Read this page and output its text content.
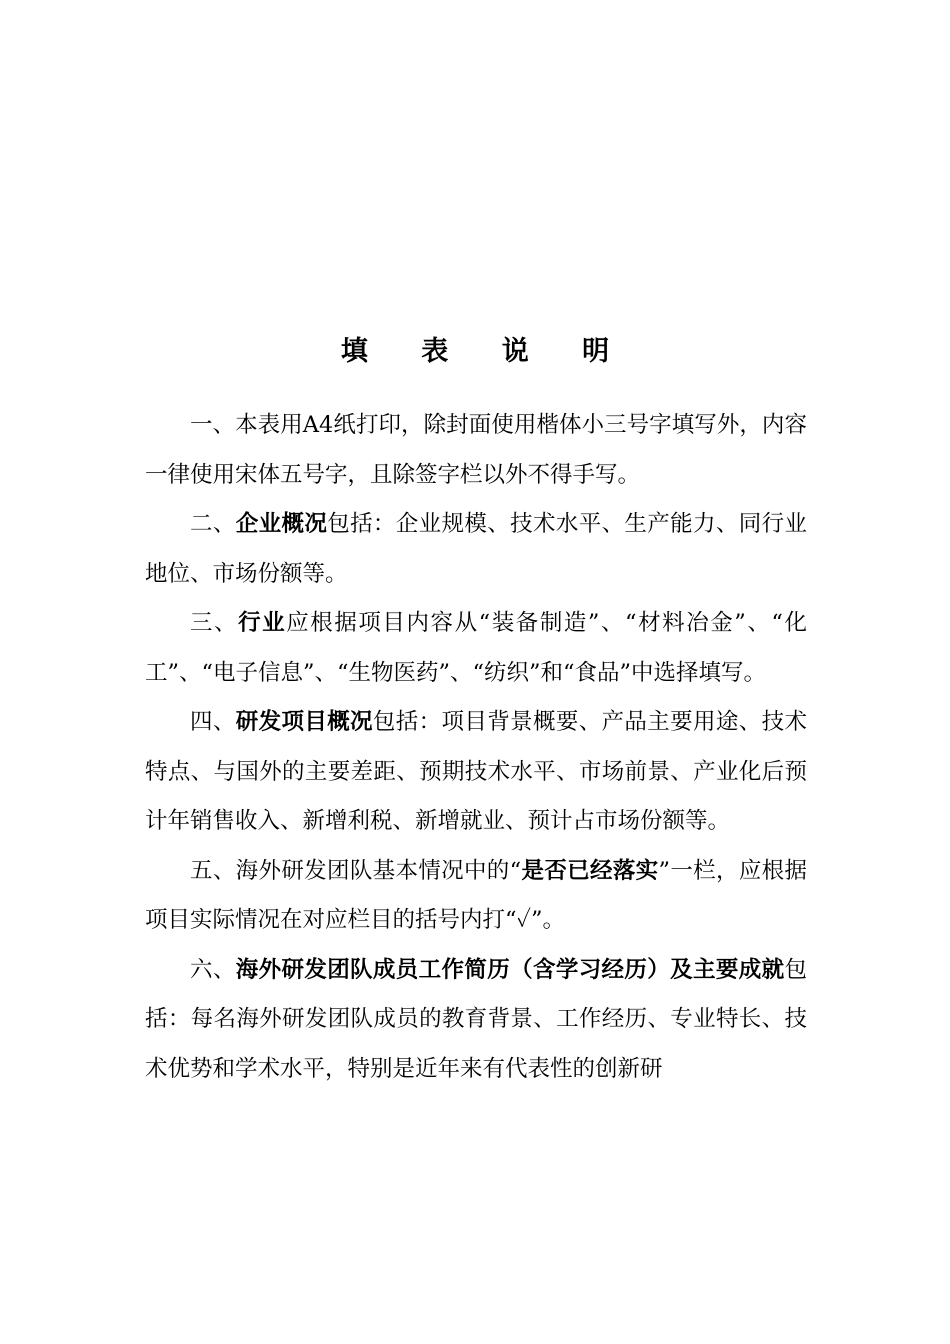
填 表 说 明

一、本表用A4纸打印，除封面使用楷体小三号字填写外，内容一律使用宋体五号字，且除签字栏以外不得手写。

二、企业概况包括：企业规模、技术水平、生产能力、同行业地位、市场份额等。

三、行业应根据项目内容从“装备制造”、“材料冶金”、“化工”、“电子信息”、“生物医药”、“纺织”和“食品”中选择填写。

四、研发项目概况包括：项目背景概要、产品主要用途、技术特点、与国外的主要差距、预期技术水平、市场前景、产业化后预计年销售收入、新增利税、新增就业、预计占市场份额等。

五、海外研发团队基本情况中的“是否已经落实”一栏，应根据项目实际情况在对应栏目的括号内打“✓”。

六、海外研发团队成员工作简历（含学习经历）及主要成就包括：每名海外研发团队成员的教育背景、工作经历、专业特长、技术优势和学术水平，特别是近年来有代表性的创新研
